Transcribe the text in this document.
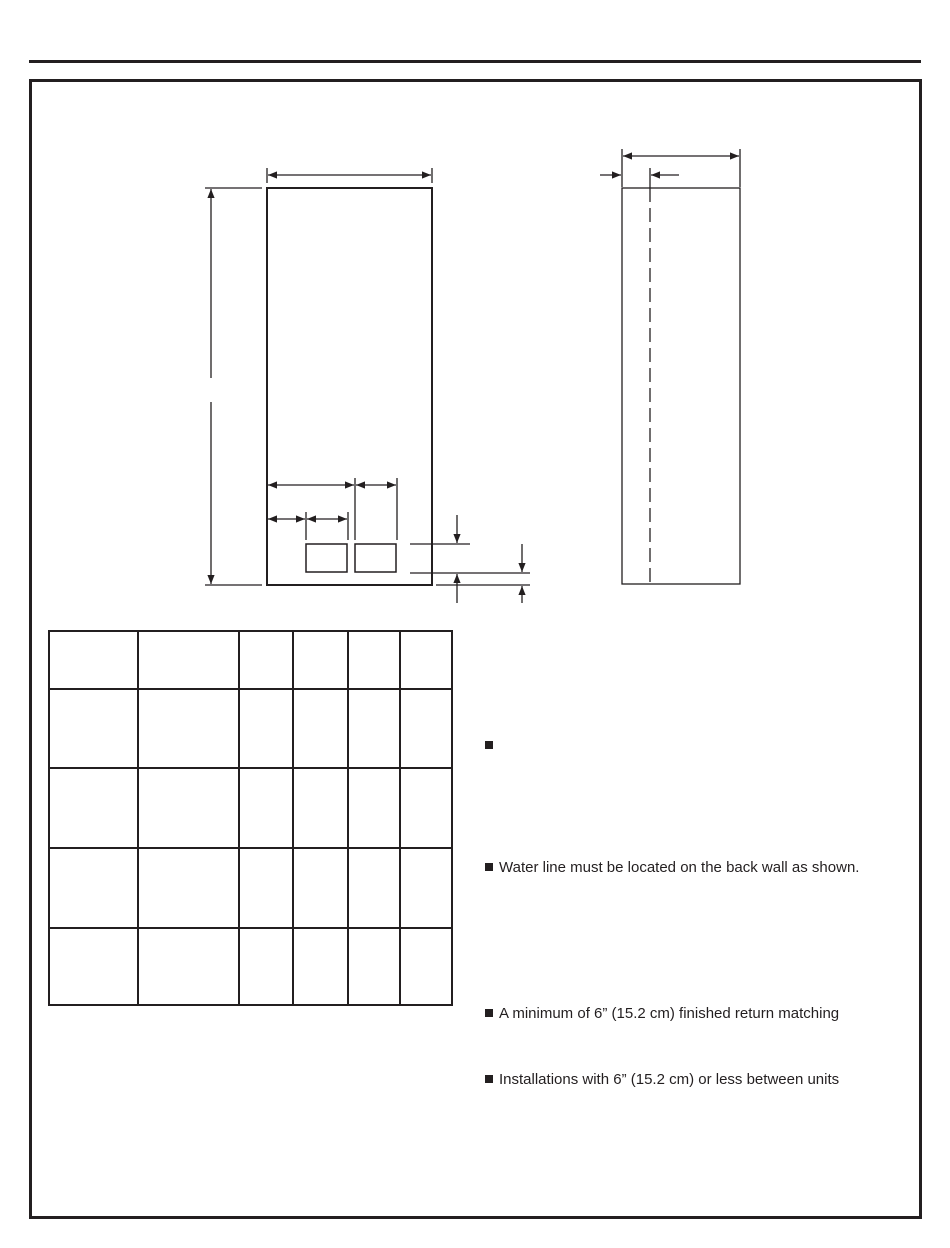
Water line must be located on the back wall as shown.
A minimum of 6” (15.2 cm) finished return matching
Installations with 6” (15.2 cm) or less between units
